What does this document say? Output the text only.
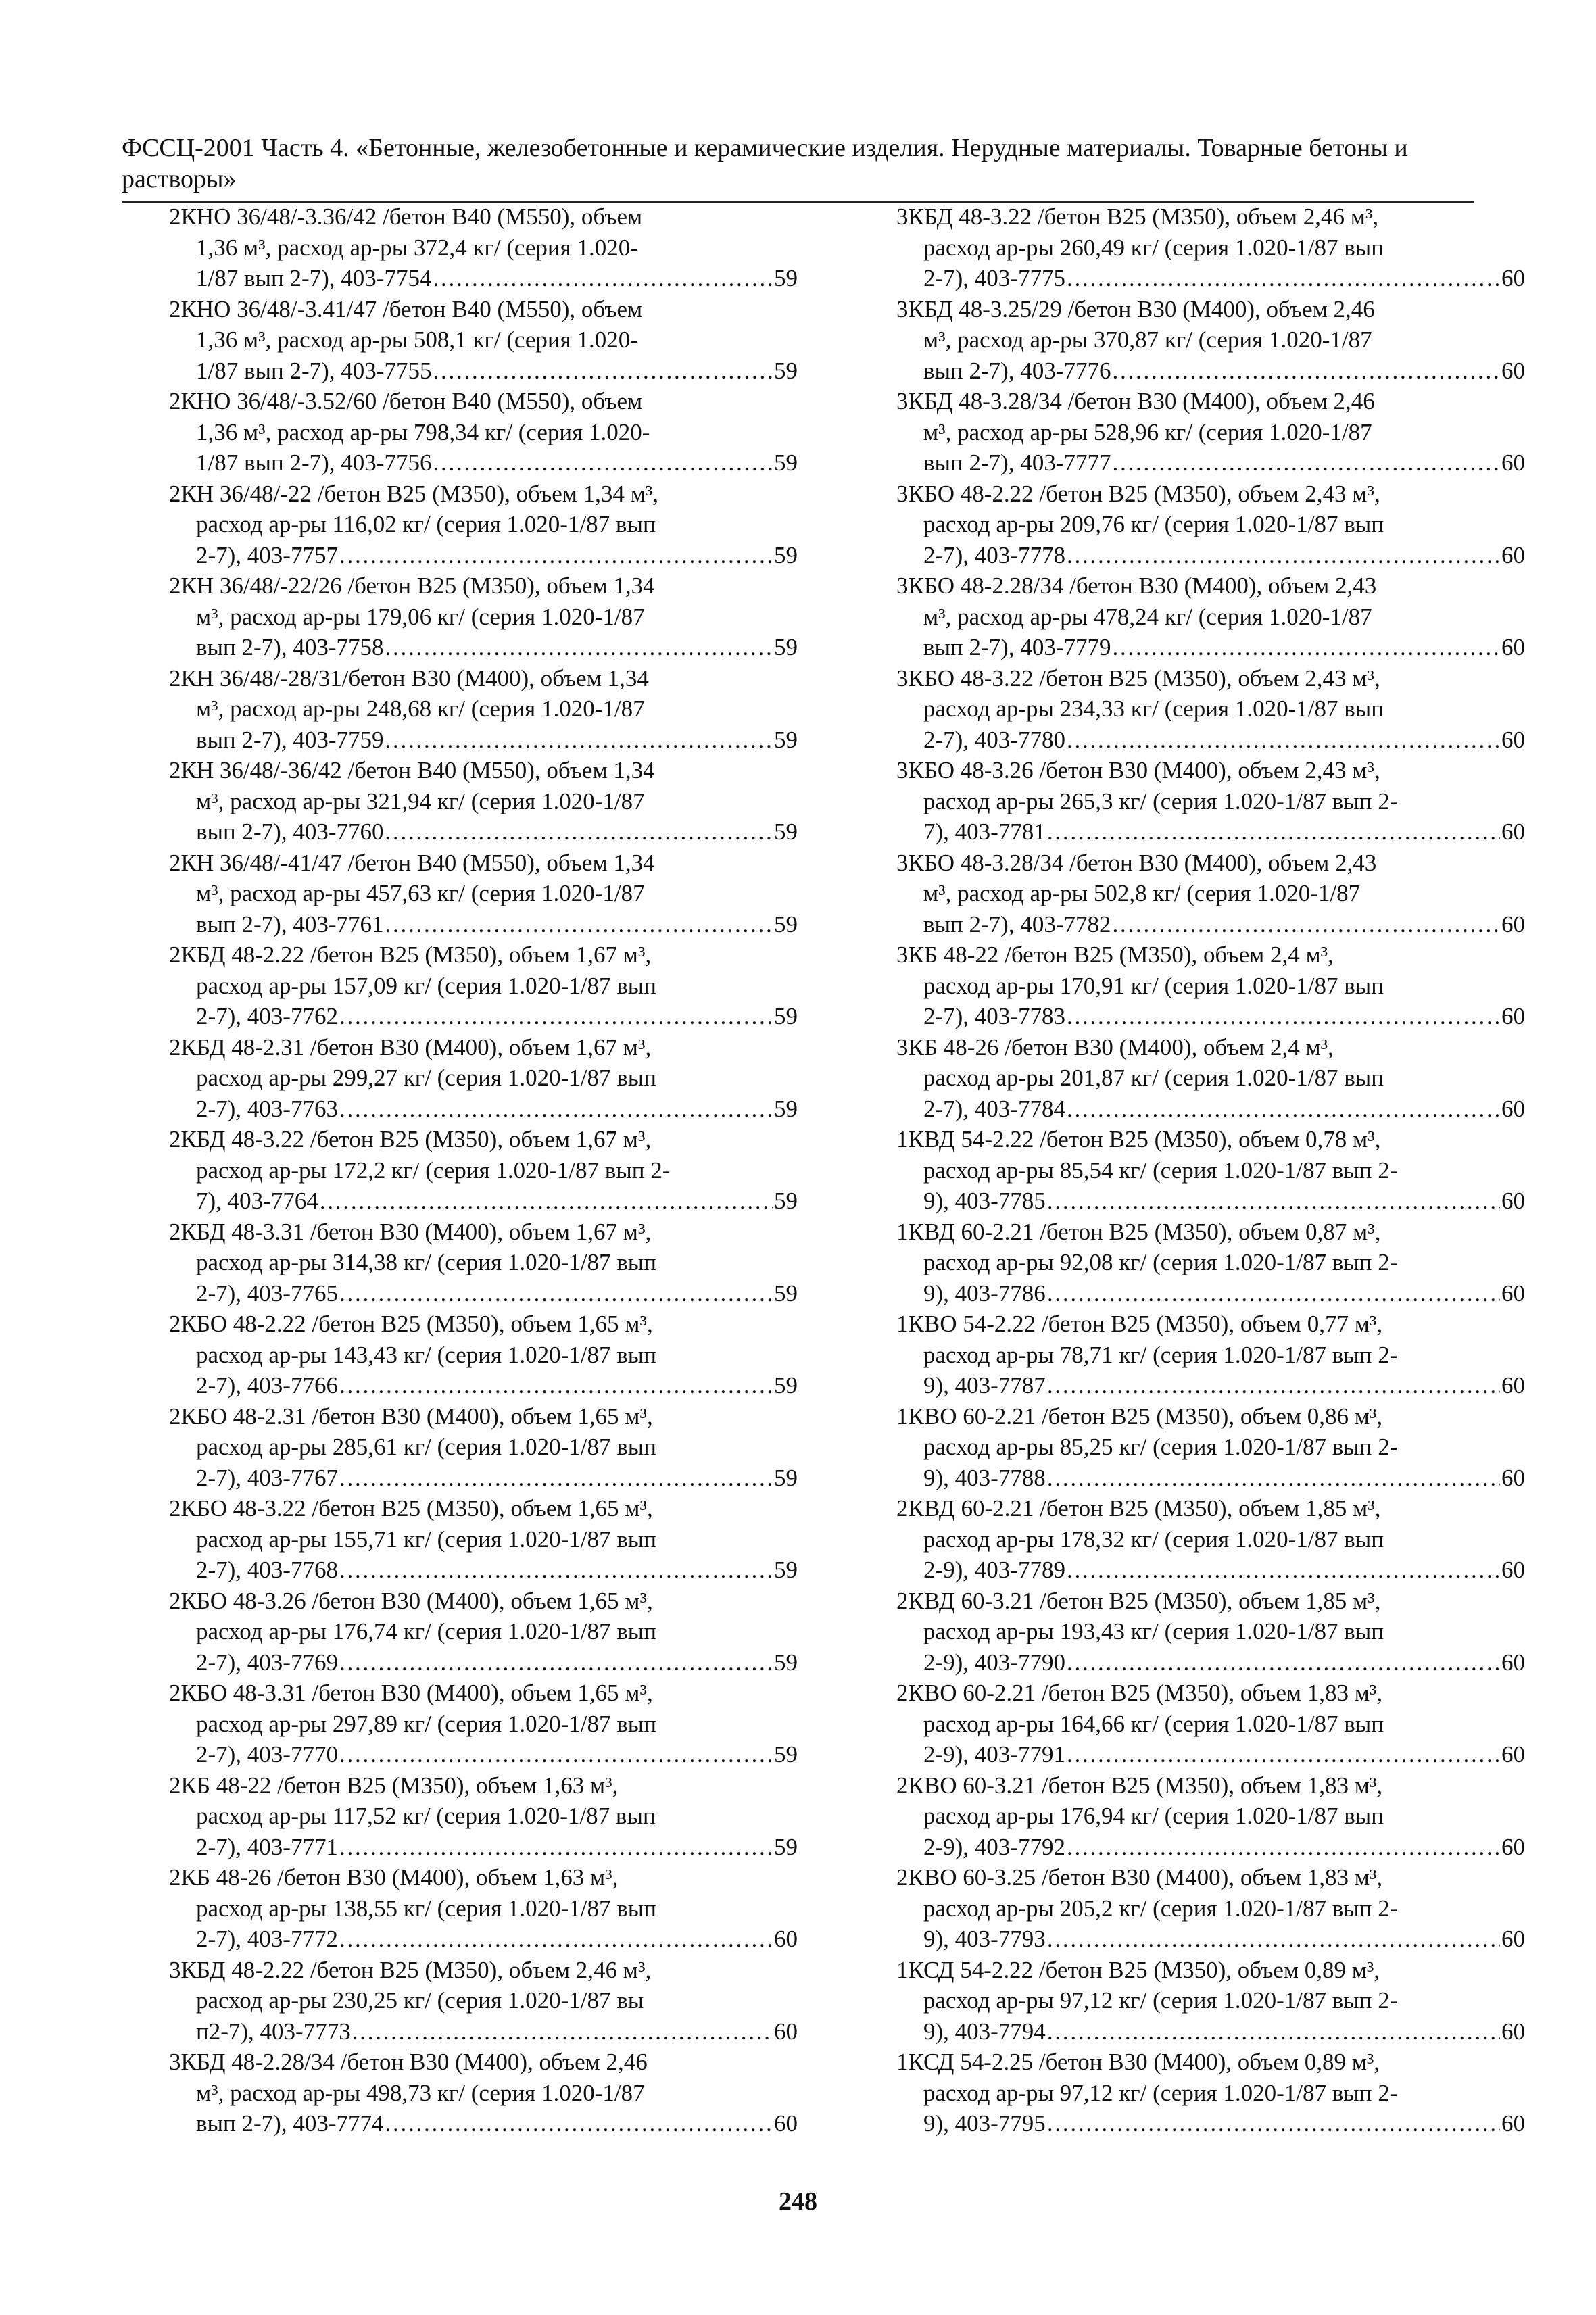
ФССЦ-2001 Часть 4. «Бетонные, железобетонные и керамические изделия. Нерудные материалы. Товарные бетоны и растворы»
2КНО 36/48/-3.36/42 /бетон В40 (М550), объем
1,36 м³, расход ар-ры 372,4 кг/ (серия 1.020-
1/87 вып 2-7), 403-7754 . . .	59
2КНО 36/48/-3.41/47 /бетон В40 (М550), объем
1,36 м³, расход ар-ры 508,1 кг/ (серия 1.020-
1/87 вып 2-7), 403-7755 . . .	59
2КНО 36/48/-3.52/60 /бетон В40 (М550), объем
1,36 м³, расход ар-ры 798,34 кг/ (серия 1.020-
1/87 вып 2-7), 403-7756 . . .	59
2КН 36/48/-22 /бетон В25 (М350), объем 1,34 м³,
расход ар-ры 116,02 кг/ (серия 1.020-1/87 вып
2-7), 403-7757 . . .	59
2КН 36/48/-22/26 /бетон В25 (М350), объем 1,34
м³, расход ар-ры 179,06 кг/ (серия 1.020-1/87
вып 2-7), 403-7758 . . .	59
2КН 36/48/-28/31/бетон В30 (М400), объем 1,34
м³, расход ар-ры 248,68 кг/ (серия 1.020-1/87
вып 2-7), 403-7759 . . .	59
2КН 36/48/-36/42 /бетон В40 (М550), объем 1,34
м³, расход ар-ры 321,94 кг/ (серия 1.020-1/87
вып 2-7), 403-7760 . . .	59
2КН 36/48/-41/47 /бетон В40 (М550), объем 1,34
м³, расход ар-ры 457,63 кг/ (серия 1.020-1/87
вып 2-7), 403-7761 . . .	59
2КБД 48-2.22 /бетон В25 (М350), объем 1,67 м³,
расход ар-ры 157,09 кг/ (серия 1.020-1/87 вып
2-7), 403-7762 . . .	59
2КБД 48-2.31 /бетон В30 (М400), объем 1,67 м³,
расход ар-ры 299,27 кг/ (серия 1.020-1/87 вып
2-7), 403-7763 . . .	59
2КБД 48-3.22 /бетон В25 (М350), объем 1,67 м³,
расход ар-ры 172,2 кг/ (серия 1.020-1/87 вып 2-
7), 403-7764 . . .	59
2КБД 48-3.31 /бетон В30 (М400), объем 1,67 м³,
расход ар-ры 314,38 кг/ (серия 1.020-1/87 вып
2-7), 403-7765 . . .	59
2КБО 48-2.22 /бетон В25 (М350), объем 1,65 м³,
расход ар-ры 143,43 кг/ (серия 1.020-1/87 вып
2-7), 403-7766 . . .	59
2КБО 48-2.31 /бетон В30 (М400), объем 1,65 м³,
расход ар-ры 285,61 кг/ (серия 1.020-1/87 вып
2-7), 403-7767 . . .	59
2КБО 48-3.22 /бетон В25 (М350), объем 1,65 м³,
расход ар-ры 155,71 кг/ (серия 1.020-1/87 вып
2-7), 403-7768 . . .	59
2КБО 48-3.26 /бетон В30 (М400), объем 1,65 м³,
расход ар-ры 176,74 кг/ (серия 1.020-1/87 вып
2-7), 403-7769 . . .	59
2КБО 48-3.31 /бетон В30 (М400), объем 1,65 м³,
расход ар-ры 297,89 кг/ (серия 1.020-1/87 вып
2-7), 403-7770 . . .	59
2КБ 48-22 /бетон В25 (М350), объем 1,63 м³,
расход ар-ры 117,52 кг/ (серия 1.020-1/87 вып
2-7), 403-7771 . . .	59
2КБ 48-26 /бетон В30 (М400), объем 1,63 м³,
расход ар-ры 138,55 кг/ (серия 1.020-1/87 вып
2-7), 403-7772 . . .	60
3КБД 48-2.22 /бетон В25 (М350), объем 2,46 м³,
расход ар-ры 230,25 кг/ (серия 1.020-1/87 вы
п2-7), 403-7773 . . .	60
3КБД 48-2.28/34 /бетон В30 (М400), объем 2,46
м³, расход ар-ры 498,73 кг/ (серия 1.020-1/87
вып 2-7), 403-7774 . . .	60
3КБД 48-3.22 /бетон В25 (М350), объем 2,46 м³,
расход ар-ры 260,49 кг/ (серия 1.020-1/87 вып
2-7), 403-7775 . . .	60
3КБД 48-3.25/29 /бетон В30 (М400), объем 2,46
м³, расход ар-ры 370,87 кг/ (серия 1.020-1/87
вып 2-7), 403-7776 . . .	60
3КБД 48-3.28/34 /бетон В30 (М400), объем 2,46
м³, расход ар-ры 528,96 кг/ (серия 1.020-1/87
вып 2-7), 403-7777 . . .	60
3КБО 48-2.22 /бетон В25 (М350), объем 2,43 м³,
расход ар-ры 209,76 кг/ (серия 1.020-1/87 вып
2-7), 403-7778 . . .	60
3КБО 48-2.28/34 /бетон В30 (М400), объем 2,43
м³, расход ар-ры 478,24 кг/ (серия 1.020-1/87
вып 2-7), 403-7779 . . .	60
3КБО 48-3.22 /бетон В25 (М350), объем 2,43 м³,
расход ар-ры 234,33 кг/ (серия 1.020-1/87 вып
2-7), 403-7780 . . .	60
3КБО 48-3.26 /бетон В30 (М400), объем 2,43 м³,
расход ар-ры 265,3 кг/ (серия 1.020-1/87 вып 2-
7), 403-7781 . . .	60
3КБО 48-3.28/34 /бетон В30 (М400), объем 2,43
м³, расход ар-ры 502,8 кг/ (серия 1.020-1/87
вып 2-7), 403-7782 . . .	60
3КБ 48-22 /бетон В25 (М350), объем 2,4 м³,
расход ар-ры 170,91 кг/ (серия 1.020-1/87 вып
2-7), 403-7783 . . .	60
3КБ 48-26 /бетон В30 (М400), объем 2,4 м³,
расход ар-ры 201,87 кг/ (серия 1.020-1/87 вып
2-7), 403-7784 . . .	60
1КВД 54-2.22 /бетон В25 (М350), объем 0,78 м³,
расход ар-ры 85,54 кг/ (серия 1.020-1/87 вып 2-
9), 403-7785 . . .	60
1КВД 60-2.21 /бетон В25 (М350), объем 0,87 м³,
расход ар-ры 92,08 кг/ (серия 1.020-1/87 вып 2-
9), 403-7786 . . .	60
1КВО 54-2.22 /бетон В25 (М350), объем 0,77 м³,
расход ар-ры 78,71 кг/ (серия 1.020-1/87 вып 2-
9), 403-7787 . . .	60
1КВО 60-2.21 /бетон В25 (М350), объем 0,86 м³,
расход ар-ры 85,25 кг/ (серия 1.020-1/87 вып 2-
9), 403-7788 . . .	60
2КВД 60-2.21 /бетон В25 (М350), объем 1,85 м³,
расход ар-ры 178,32 кг/ (серия 1.020-1/87 вып
2-9), 403-7789 . . .	60
2КВД 60-3.21 /бетон В25 (М350), объем 1,85 м³,
расход ар-ры 193,43 кг/ (серия 1.020-1/87 вып
2-9), 403-7790 . . .	60
2КВО 60-2.21 /бетон В25 (М350), объем 1,83 м³,
расход ар-ры 164,66 кг/ (серия 1.020-1/87 вып
2-9), 403-7791 . . .	60
2КВО 60-3.21 /бетон В25 (М350), объем 1,83 м³,
расход ар-ры 176,94 кг/ (серия 1.020-1/87 вып
2-9), 403-7792 . . .	60
2КВО 60-3.25 /бетон В30 (М400), объем 1,83 м³,
расход ар-ры 205,2 кг/ (серия 1.020-1/87 вып 2-
9), 403-7793 . . .	60
1КСД 54-2.22 /бетон В25 (М350), объем 0,89 м³,
расход ар-ры 97,12 кг/ (серия 1.020-1/87 вып 2-
9), 403-7794 . . .	60
1КСД 54-2.25 /бетон В30 (М400), объем 0,89 м³,
расход ар-ры 97,12 кг/ (серия 1.020-1/87 вып 2-
9), 403-7795 . . .	60
248
